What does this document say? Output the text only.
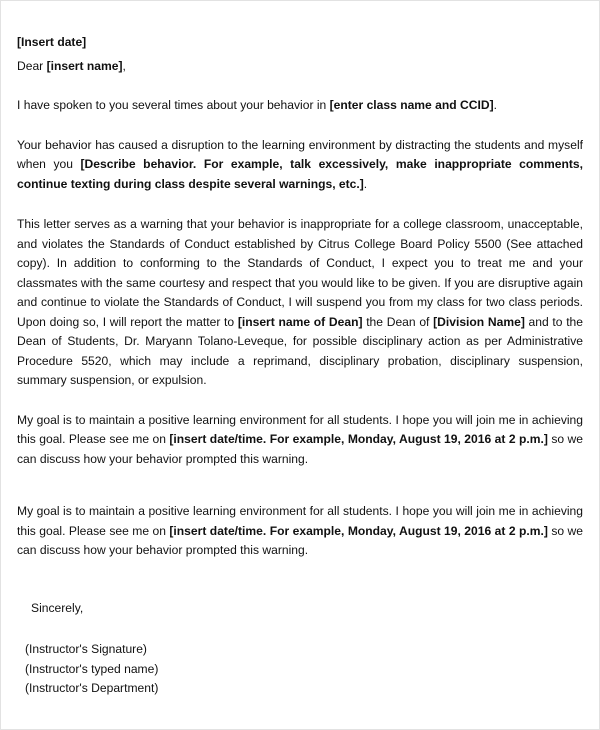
[Insert date]

Dear [insert name],

I have spoken to you several times about your behavior in [enter class name and CCID].

Your behavior has caused a disruption to the learning environment by distracting the students and myself when you [Describe behavior. For example, talk excessively, make inappropriate comments, continue texting during class despite several warnings, etc.].

This letter serves as a warning that your behavior is inappropriate for a college classroom, unacceptable, and violates the Standards of Conduct established by Citrus College Board Policy 5500 (See attached copy). In addition to conforming to the Standards of Conduct, I expect you to treat me and your classmates with the same courtesy and respect that you would like to be given. If you are disruptive again and continue to violate the Standards of Conduct, I will suspend you from my class for two class periods. Upon doing so, I will report the matter to [insert name of Dean] the Dean of [Division Name] and to the Dean of Students, Dr. Maryann Tolano-Leveque, for possible disciplinary action as per Administrative Procedure 5520, which may include a reprimand, disciplinary probation, disciplinary suspension, summary suspension, or expulsion.

My goal is to maintain a positive learning environment for all students. I hope you will join me in achieving this goal. Please see me on [insert date/time. For example, Monday, August 19, 2016 at 2 p.m.] so we can discuss how your behavior prompted this warning.

My goal is to maintain a positive learning environment for all students. I hope you will join me in achieving this goal. Please see me on [insert date/time. For example, Monday, August 19, 2016 at 2 p.m.] so we can discuss how your behavior prompted this warning.

Sincerely,
(Instructor's Signature)
(Instructor's typed name)
(Instructor's Department)
